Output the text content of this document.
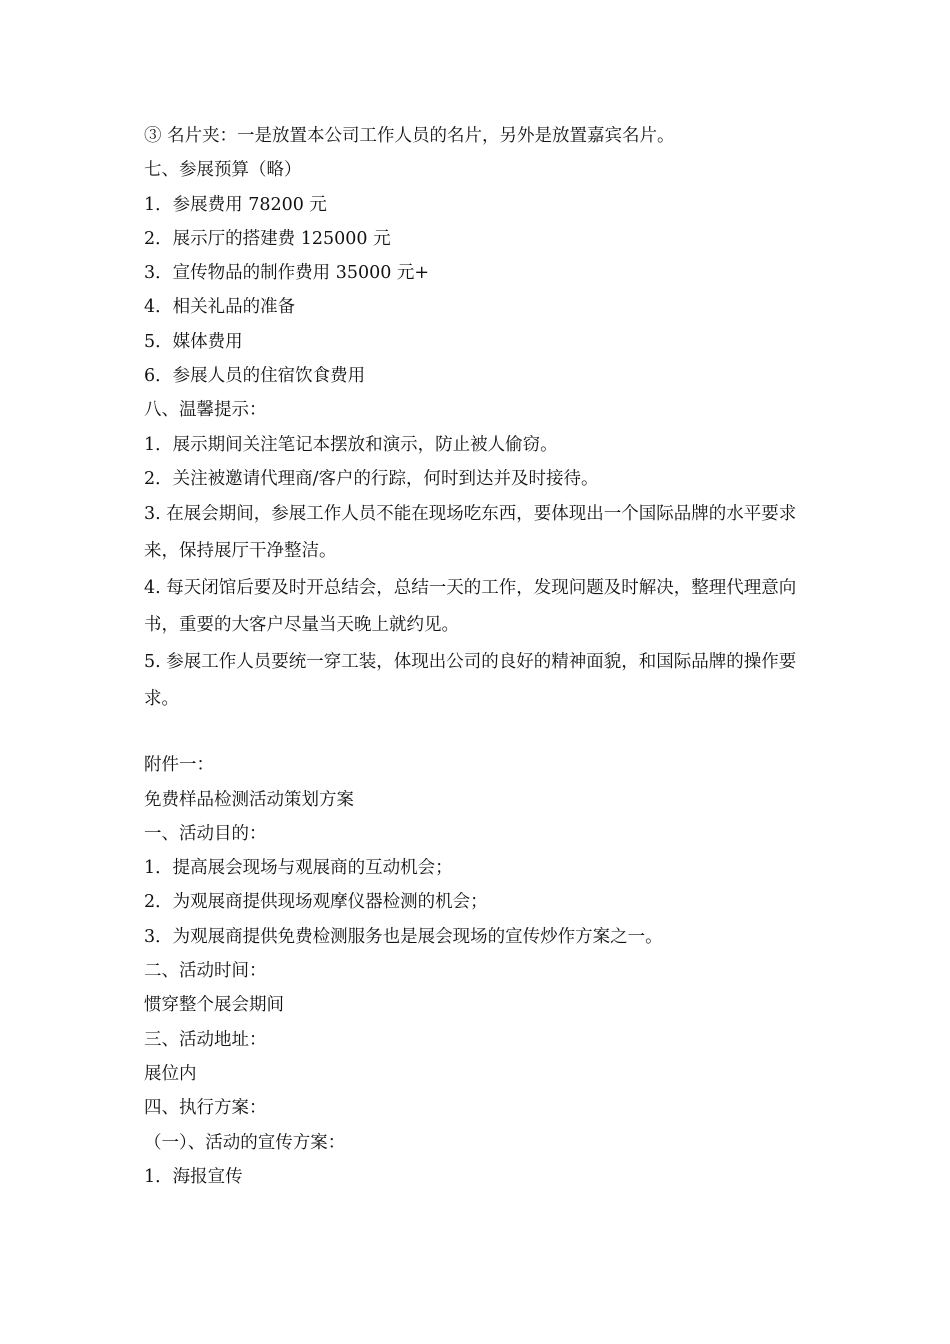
③ 名片夹：一是放置本公司工作人员的名片，另外是放置嘉宾名片。
七、参展预算（略）
1．参展费用 78200 元
2．展示厅的搭建费 125000 元
3．宣传物品的制作费用 35000 元+
4．相关礼品的准备
5．媒体费用
6．参展人员的住宿饮食费用
八、温馨提示：
1．展示期间关注笔记本摆放和演示，防止被人偷窃。
2．关注被邀请代理商/客户的行踪，何时到达并及时接待。

3. 在展会期间，参展工作人员不能在现场吃东西，要体现出一个国际品牌的水平要求来，保持展厅干净整洁。

4. 每天闭馆后要及时开总结会，总结一天的工作，发现问题及时解决，整理代理意向书，重要的大客户尽量当天晚上就约见。

5. 参展工作人员要统一穿工装，体现出公司的良好的精神面貌，和国际品牌的操作要求。

附件一：
免费样品检测活动策划方案
一、活动目的：
1．提高展会现场与观展商的互动机会；
2．为观展商提供现场观摩仪器检测的机会；
3．为观展商提供免费检测服务也是展会现场的宣传炒作方案之一。
二、活动时间：
惯穿整个展会期间
三、活动地址：
展位内
四、执行方案：
（一）、活动的宣传方案：
1．海报宣传
